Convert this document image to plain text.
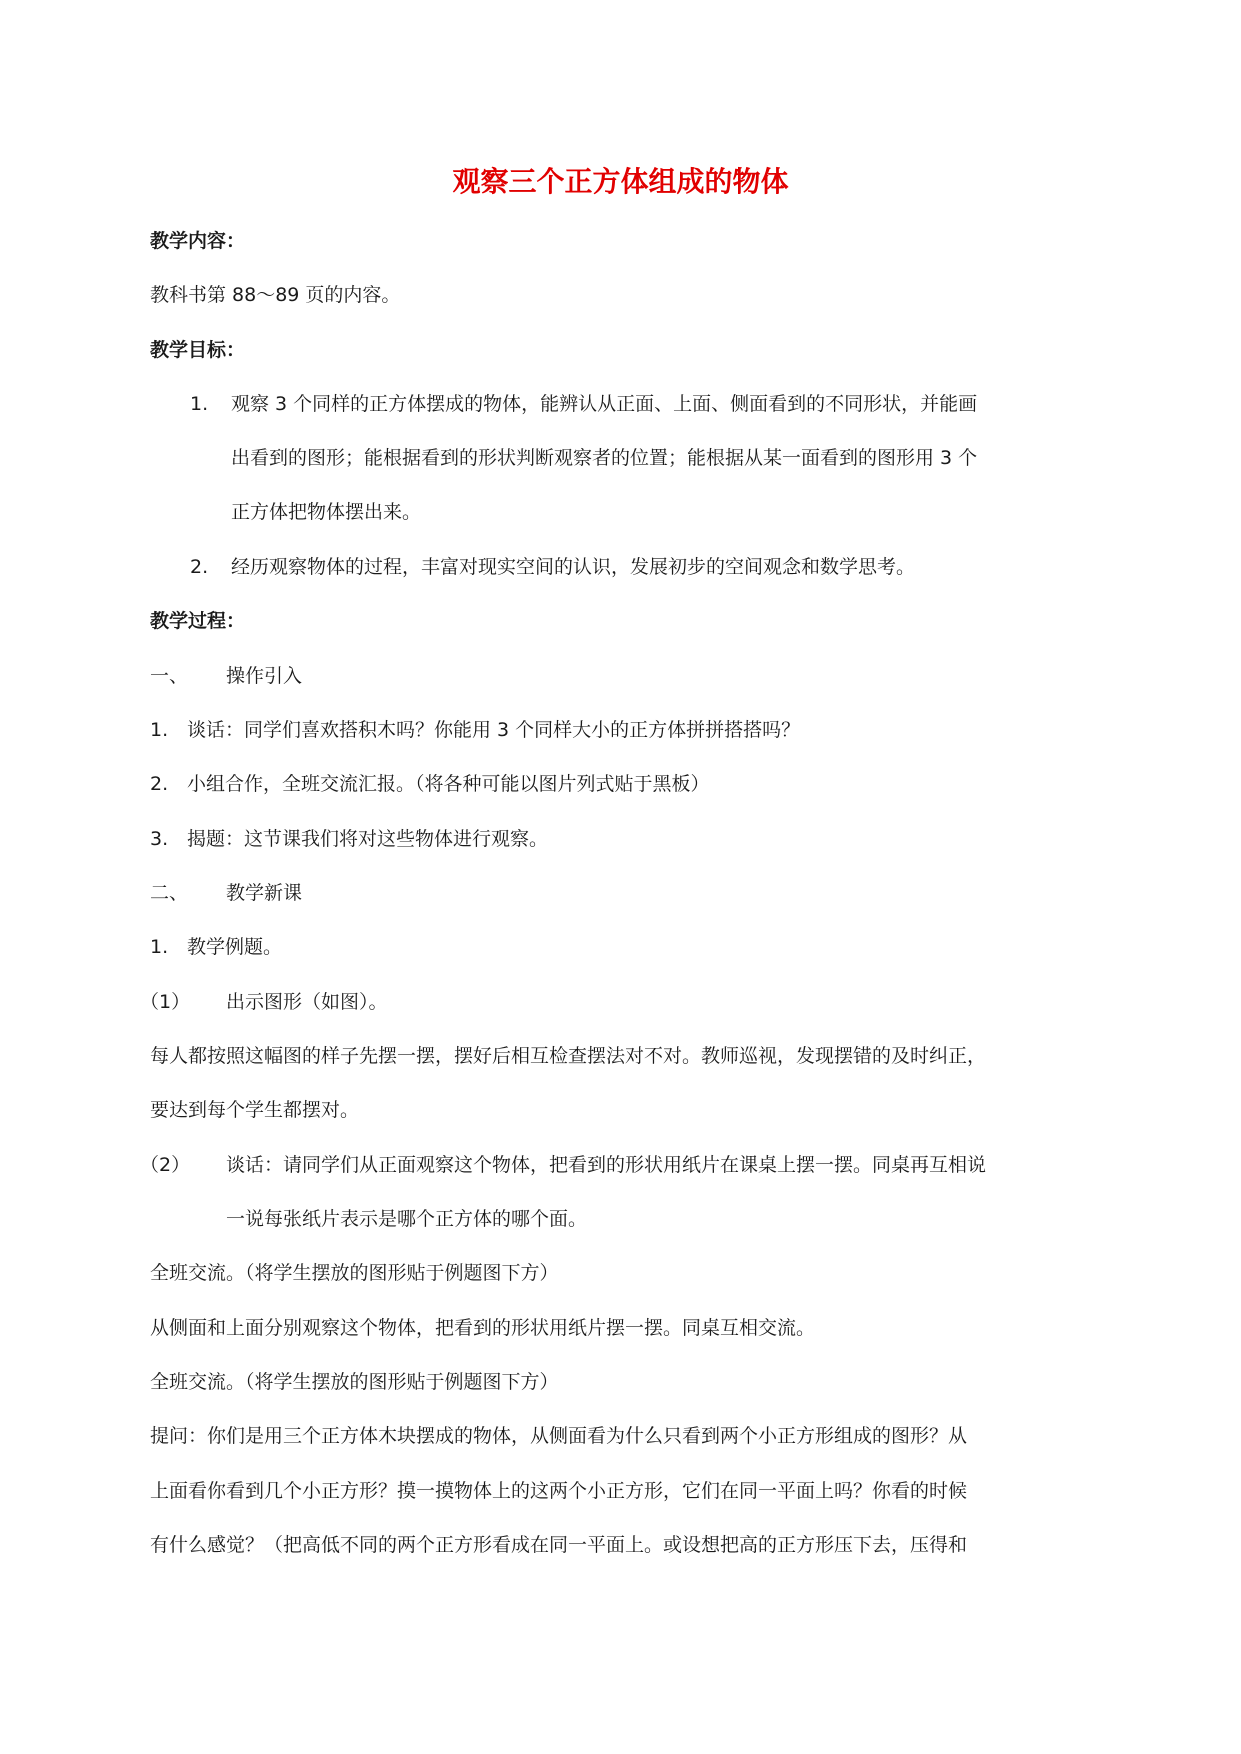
观察三个正方体组成的物体
教学内容：
教科书第 88～89 页的内容。
教学目标：
1. 观察 3 个同样的正方体摆成的物体，能辨认从正面、上面、侧面看到的不同形状，并能画
出看到的图形；能根据看到的形状判断观察者的位置；能根据从某一面看到的图形用 3 个
正方体把物体摆出来。
2. 经历观察物体的过程，丰富对现实空间的认识，发展初步的空间观念和数学思考。
教学过程：
一、 操作引入
1. 谈话：同学们喜欢搭积木吗？你能用 3 个同样大小的正方体拼拼搭搭吗？
2. 小组合作，全班交流汇报。（将各种可能以图片列式贴于黑板）
3. 揭题：这节课我们将对这些物体进行观察。
二、 教学新课
1. 教学例题。
（1） 出示图形（如图）。
每人都按照这幅图的样子先摆一摆，摆好后相互检查摆法对不对。教师巡视，发现摆错的及时纠正，
要达到每个学生都摆对。
（2） 谈话：请同学们从正面观察这个物体，把看到的形状用纸片在课桌上摆一摆。同桌再互相说
一说每张纸片表示是哪个正方体的哪个面。
全班交流。（将学生摆放的图形贴于例题图下方）
从侧面和上面分别观察这个物体，把看到的形状用纸片摆一摆。同桌互相交流。
全班交流。（将学生摆放的图形贴于例题图下方）
提问：你们是用三个正方体木块摆成的物体，从侧面看为什么只看到两个小正方形组成的图形？从
上面看你看到几个小正方形？摸一摸物体上的这两个小正方形，它们在同一平面上吗？你看的时候
有什么感觉？（把高低不同的两个正方形看成在同一平面上。或设想把高的正方形压下去，压得和
